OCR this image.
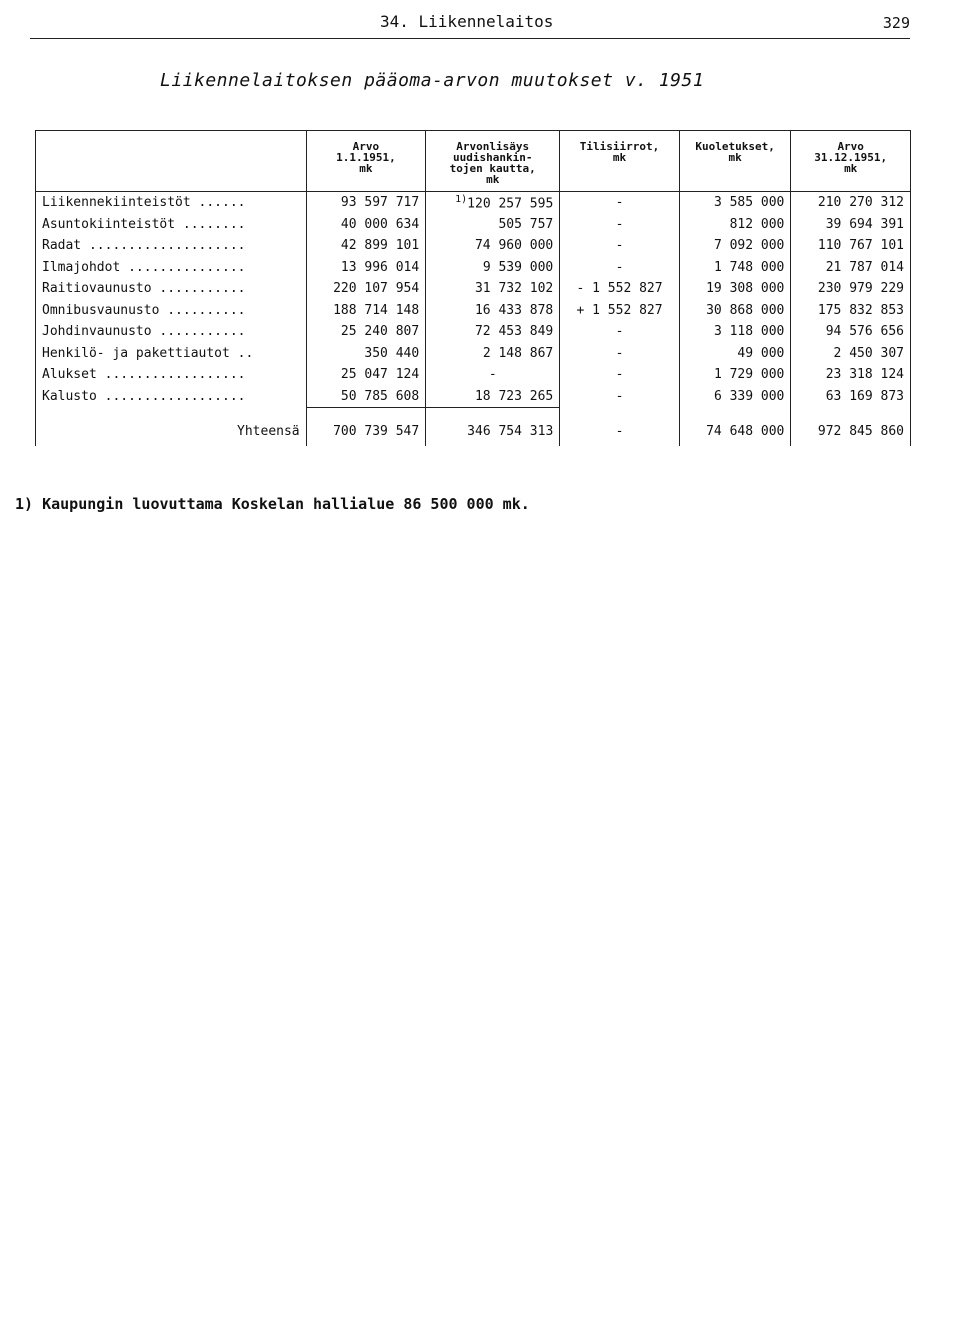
34. Liikennelaitos	329
Liikennelaitoksen pääoma-arvon muutokset v. 1951
	Arvo
1.1.1951,
mk	Arvonlisäys
uudishankin-
tojen kautta,
mk	Tilisiirrot,
mk	Kuoletukset,
mk	Arvo
31.12.1951,
mk
Liikennekiinteistöt ......	93 597 717	$^{1)}$120 257 595	-	3 585 000	210 270 312
Asuntokiinteistöt ........	40 000 634	505 757	-	812 000	39 694 391
Radat ....................	42 899 101	74 960 000	-	7 092 000	110 767 101
Ilmajohdot ...............	13 996 014	9 539 000	-	1 748 000	21 787 014
Raitiovaunusto ...........	220 107 954	31 732 102	- 1 552 827	19 308 000	230 979 229
Omnibusvaunusto ..........	188 714 148	16 433 878	+ 1 552 827	30 868 000	175 832 853
Johdinvaunusto ...........	25 240 807	72 453 849	-	3 118 000	94 576 656
Henkilö- ja pakettiautot ..	350 440	2 148 867	-	49 000	2 450 307
Alukset ..................	25 047 124	-	-	1 729 000	23 318 124
Kalusto ..................	50 785 608	18 723 265	-	6 339 000	63 169 873

Yhteensä	700 739 547	346 754 313	-	74 648 000	972 845 860
1) Kaupungin luovuttama Koskelan hallialue 86 500 000 mk.
